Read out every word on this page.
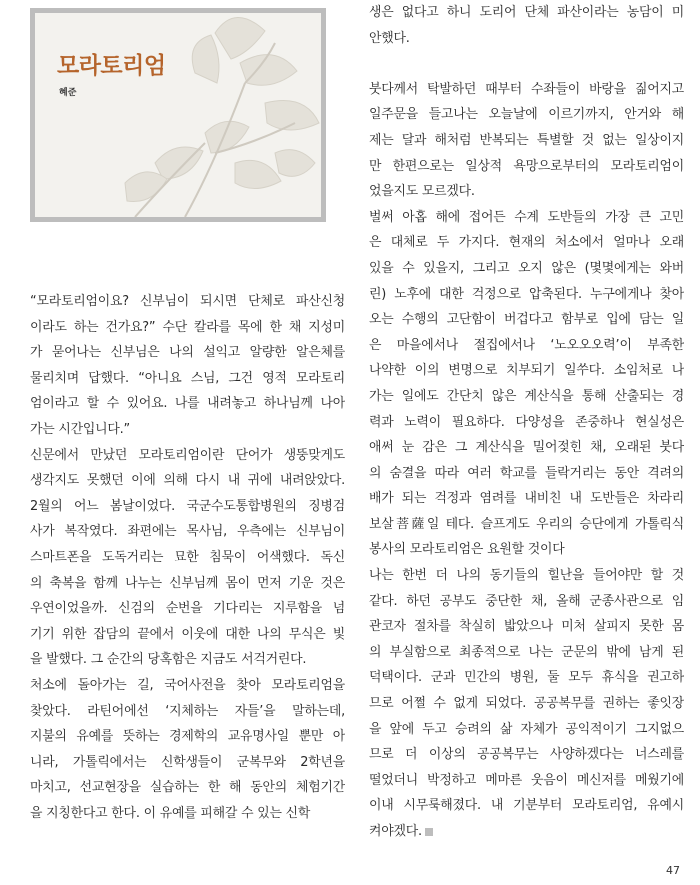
모라토리엄
혜준
“모라토리엄이요? 신부님이 되시면 단체로 파산신청
이라도 하는 건가요?” 수단 칼라를 목에 한 채 지성미
가 묻어나는 신부님은 나의 설익고 알량한 알은체를
물리치며 답했다. “아니요 스님, 그건 영적 모라토리
엄이라고 할 수 있어요. 나를 내려놓고 하나님께 나아
가는 시간입니다.”
신문에서 만났던 모라토리엄이란 단어가 생뚱맞게도
생각지도 못했던 이에 의해 다시 내 귀에 내려앉았다.
2월의 어느 봄날이었다. 국군수도통합병원의 징병검
사가 복작였다. 좌편에는 목사님, 우측에는 신부님이
스마트폰을 도독거리는 묘한 침묵이 어색했다. 독신
의 축복을 함께 나누는 신부님께 몸이 먼저 기운 것은
우연이었을까. 신검의 순번을 기다리는 지루함을 넘
기기 위한 잡담의 끝에서 이웃에 대한 나의 무식은 빛
을 발했다. 그 순간의 당혹함은 지금도 서걱거린다.
처소에 돌아가는 길, 국어사전을 찾아 모라토리엄을
찾았다. 라틴어에선 ‘지체하는 자들’을 말하는데,
지불의 유예를 뜻하는 경제학의 교유명사일 뿐만 아
니라, 가톨릭에서는 신학생들이 군복무와 2학년을
마치고, 선교현장을 실습하는 한 해 동안의 체험기간
을 지칭한다고 한다. 이 유예를 피해갈 수 있는 신학
생은 없다고 하니 도리어 단체 파산이라는 농담이 미
안했다.
붓다께서 탁발하던 때부터 수좌들이 바랑을 짊어지고
일주문을 들고나는 오늘날에 이르기까지, 안거와 해
제는 달과 해처럼 반복되는 특별할 것 없는 일상이지
만 한편으로는 일상적 욕망으로부터의 모라토리엄이
었을지도 모르겠다.
벌써 아홉 해에 접어든 수계 도반들의 가장 큰 고민
은 대체로 두 가지다. 현재의 처소에서 얼마나 오래
있을 수 있을지, 그리고 오지 않은 (몇몇에게는 와버
린) 노후에 대한 걱정으로 압축된다. 누구에게나 찾아
오는 수행의 고단함이 버겁다고 함부로 입에 담는 일
은 마을에서나 절집에서나 ‘노오오오력’이 부족한
나약한 이의 변명으로 치부되기 일쑤다. 소임처로 나
가는 일에도 간단치 않은 계산식을 통해 산출되는 경
력과 노력이 필요하다. 다양성을 존중하나 현실성은
애써 눈 감은 그 계산식을 밀어젖힌 채, 오래된 붓다
의 숨결을 따라 여러 학교를 들락거리는 동안 격려의
배가 되는 걱정과 염려를 내비친 내 도반들은 차라리
보살菩薩일 테다. 슬프게도 우리의 승단에게 가톨릭식
봉사의 모라토리엄은 요원할 것이다
나는 한번 더 나의 동기들의 힐난을 들어야만 할 것
같다. 하던 공부도 중단한 채, 올해 군종사관으로 임
관코자 절차를 착실히 밟았으나 미처 살피지 못한 몸
의 부실함으로 최종적으로 나는 군문의 밖에 남게 된
덕택이다. 군과 민간의 병원, 둘 모두 휴식을 권고하
므로 어쩔 수 없게 되었다. 공공복무를 권하는 좋잇장
을 앞에 두고 승려의 삶 자체가 공익적이기 그지없으
므로 더 이상의 공공복무는 사양하겠다는 너스레를
떨었더니 박정하고 메마른 웃음이 메신저를 메웠기에
이내 시무룩해졌다. 내 기분부터 모라토리엄, 유예시
켜야겠다.
47
